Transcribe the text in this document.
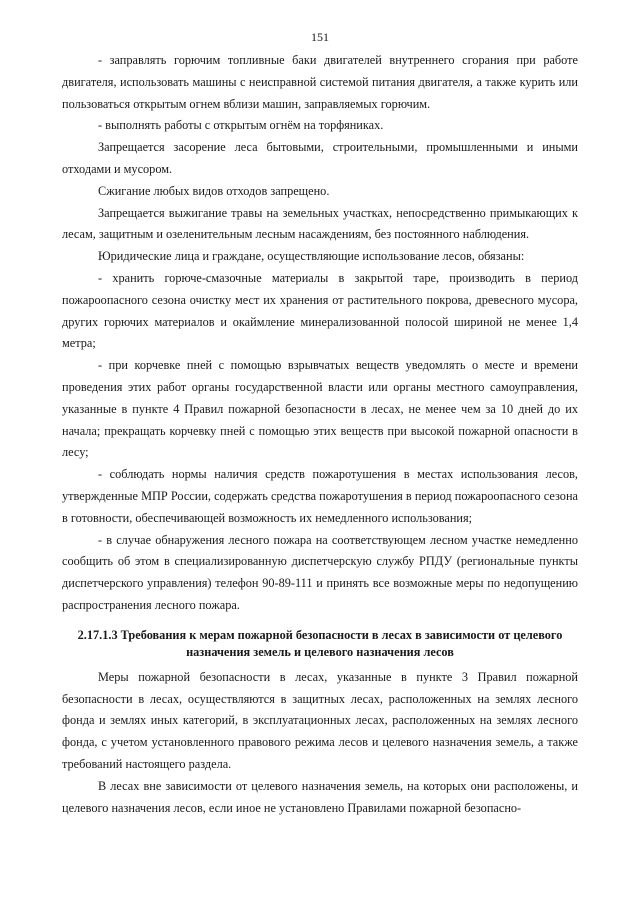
151

- заправлять горючим топливные баки двигателей внутреннего сгорания при работе двигателя, использовать машины с неисправной системой питания двигателя, а также курить или пользоваться открытым огнем вблизи машин, заправляемых горючим.

- выполнять работы с открытым огнём на торфяниках.

Запрещается засорение леса бытовыми, строительными, промышленными и иными отходами и мусором.

Сжигание любых видов отходов запрещено.

Запрещается выжигание травы на земельных участках, непосредственно примыкающих к лесам, защитным и озеленительным лесным насаждениям, без постоянного наблюдения.

Юридические лица и граждане, осуществляющие использование лесов, обязаны:

- хранить горюче-смазочные материалы в закрытой таре, производить в период пожароопасного сезона очистку мест их хранения от растительного покрова, древесного мусора, других горючих материалов и окаймление минерализованной полосой шириной не менее 1,4 метра;

- при корчевке пней с помощью взрывчатых веществ уведомлять о месте и времени проведения этих работ органы государственной власти или органы местного самоуправления, указанные в пункте 4 Правил пожарной безопасности в лесах, не менее чем за 10 дней до их начала; прекращать корчевку пней с помощью этих веществ при высокой пожарной опасности в лесу;

- соблюдать нормы наличия средств пожаротушения в местах использования лесов, утвержденные МПР России, содержать средства пожаротушения в период пожароопасного сезона в готовности, обеспечивающей возможность их немедленного использования;

- в случае обнаружения лесного пожара на соответствующем лесном участке немедленно сообщить об этом в специализированную диспетчерскую службу РПДУ (региональные пункты диспетчерского управления) телефон 90-89-111 и принять все возможные меры по недопущению распространения лесного пожара.

2.17.1.3 Требования к мерам пожарной безопасности в лесах в зависимости от целевого назначения земель и целевого назначения лесов

Меры пожарной безопасности в лесах, указанные в пункте 3 Правил пожарной безопасности в лесах, осуществляются в защитных лесах, расположенных на землях лесного фонда и землях иных категорий, в эксплуатационных лесах, расположенных на землях лесного фонда, с учетом установленного правового режима лесов и целевого назначения земель, а также требований настоящего раздела.

В лесах вне зависимости от целевого назначения земель, на которых они расположены, и целевого назначения лесов, если иное не установлено Правилами пожарной безопасно-
